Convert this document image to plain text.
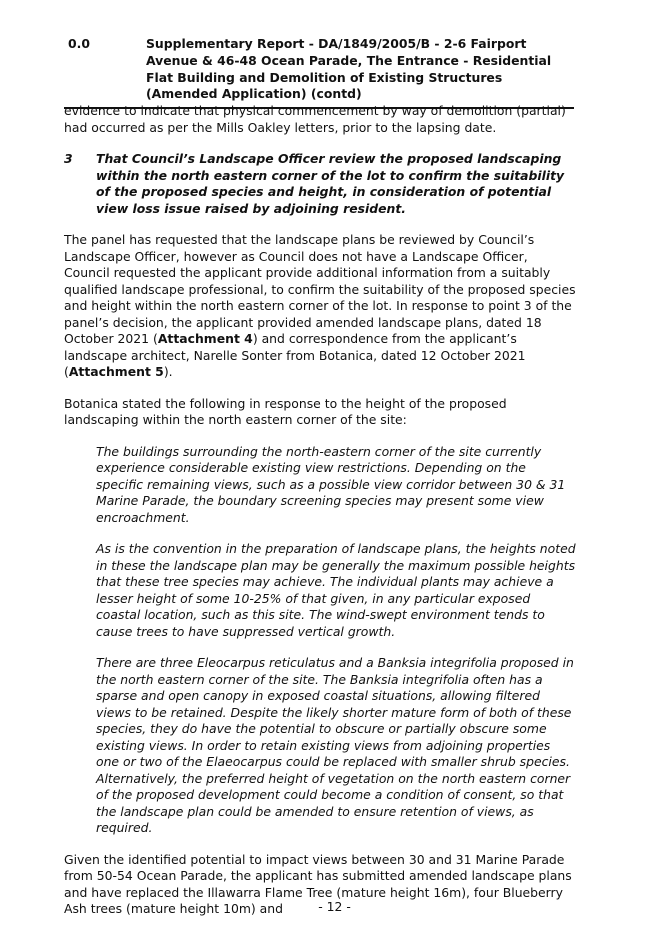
0.0	Supplementary Report - DA/1849/2005/B - 2-6 Fairport Avenue & 46-48 Ocean Parade, The Entrance - Residential Flat Building and Demolition of Existing Structures (Amended Application) (contd)

evidence to indicate that physical commencement by way of demolition (partial) had occurred as per the Mills Oakley letters, prior to the lapsing date.

3 That Council’s Landscape Officer review the proposed landscaping within the north eastern corner of the lot to confirm the suitability of the proposed species and height, in consideration of potential view loss issue raised by adjoining resident.

The panel has requested that the landscape plans be reviewed by Council’s Landscape Officer, however as Council does not have a Landscape Officer, Council requested the applicant provide additional information from a suitably qualified landscape professional, to confirm the suitability of the proposed species and height within the north eastern corner of the lot. In response to point 3 of the panel’s decision, the applicant provided amended landscape plans, dated 18 October 2021 (Attachment 4) and correspondence from the applicant’s landscape architect, Narelle Sonter from Botanica, dated 12 October 2021 (Attachment 5).

Botanica stated the following in response to the height of the proposed landscaping within the north eastern corner of the site:

The buildings surrounding the north-eastern corner of the site currently experience considerable existing view restrictions. Depending on the specific remaining views, such as a possible view corridor between 30 & 31 Marine Parade, the boundary screening species may present some view encroachment.

As is the convention in the preparation of landscape plans, the heights noted in these the landscape plan may be generally the maximum possible heights that these tree species may achieve. The individual plants may achieve a lesser height of some 10-25% of that given, in any particular exposed coastal location, such as this site. The wind-swept environment tends to cause trees to have suppressed vertical growth.

There are three Eleocarpus reticulatus and a Banksia integrifolia proposed in the north eastern corner of the site. The Banksia integrifolia often has a sparse and open canopy in exposed coastal situations, allowing filtered views to be retained. Despite the likely shorter mature form of both of these species, they do have the potential to obscure or partially obscure some existing views. In order to retain existing views from adjoining properties one or two of the Elaeocarpus could be replaced with smaller shrub species. Alternatively, the preferred height of vegetation on the north eastern corner of the proposed development could become a condition of consent, so that the landscape plan could be amended to ensure retention of views, as required.

Given the identified potential to impact views between 30 and 31 Marine Parade from 50-54 Ocean Parade, the applicant has submitted amended landscape plans and have replaced the Illawarra Flame Tree (mature height 16m), four Blueberry Ash trees (mature height 10m) and	- 12 -
